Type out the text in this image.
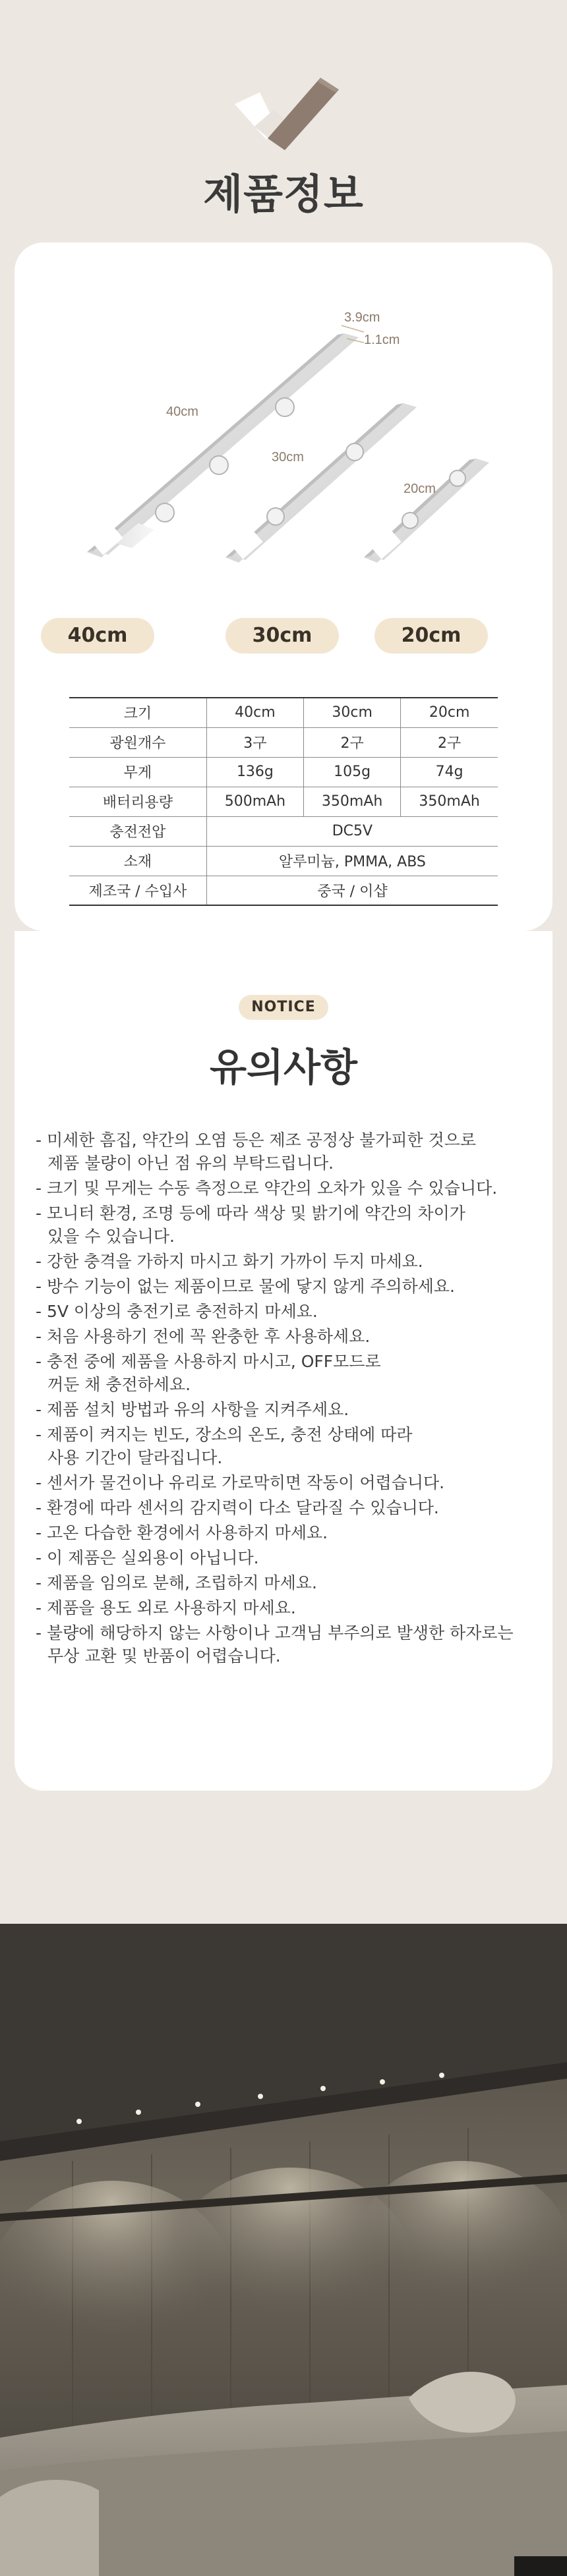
제품정보
3.9cm
1.1cm
40cm
30cm
20cm
40cm	30cm	20cm
크기	40cm	30cm	20cm
광원개수	3구	2구	2구
무게	136g	105g	74g
배터리용량	500mAh	350mAh	350mAh
충전전압	DC5V		
소재	알루미늄, PMMA, ABS		
제조국 / 수입사	중국 / 이샵		
NOTICE
유의사항
- 미세한 흠집, 약간의 오염 등은 제조 공정상 불가피한 것으로
제품 불량이 아닌 점 유의 부탁드립니다.
- 크기 및 무게는 수동 측정으로 약간의 오차가 있을 수 있습니다.
- 모니터 환경, 조명 등에 따라 색상 및 밝기에 약간의 차이가
있을 수 있습니다.
- 강한 충격을 가하지 마시고 화기 가까이 두지 마세요.
- 방수 기능이 없는 제품이므로 물에 닿지 않게 주의하세요.
- 5V 이상의 충전기로 충전하지 마세요.
- 처음 사용하기 전에 꼭 완충한 후 사용하세요.
- 충전 중에 제품을 사용하지 마시고, OFF모드로
꺼둔 채 충전하세요.
- 제품 설치 방법과 유의 사항을 지켜주세요.
- 제품이 켜지는 빈도, 장소의 온도, 충전 상태에 따라
사용 기간이 달라집니다.
- 센서가 물건이나 유리로 가로막히면 작동이 어렵습니다.
- 환경에 따라 센서의 감지력이 다소 달라질 수 있습니다.
- 고온 다습한 환경에서 사용하지 마세요.
- 이 제품은 실외용이 아닙니다.
- 제품을 임의로 분해, 조립하지 마세요.
- 제품을 용도 외로 사용하지 마세요.
- 불량에 해당하지 않는 사항이나 고객님 부주의로 발생한 하자로는
무상 교환 및 반품이 어렵습니다.
